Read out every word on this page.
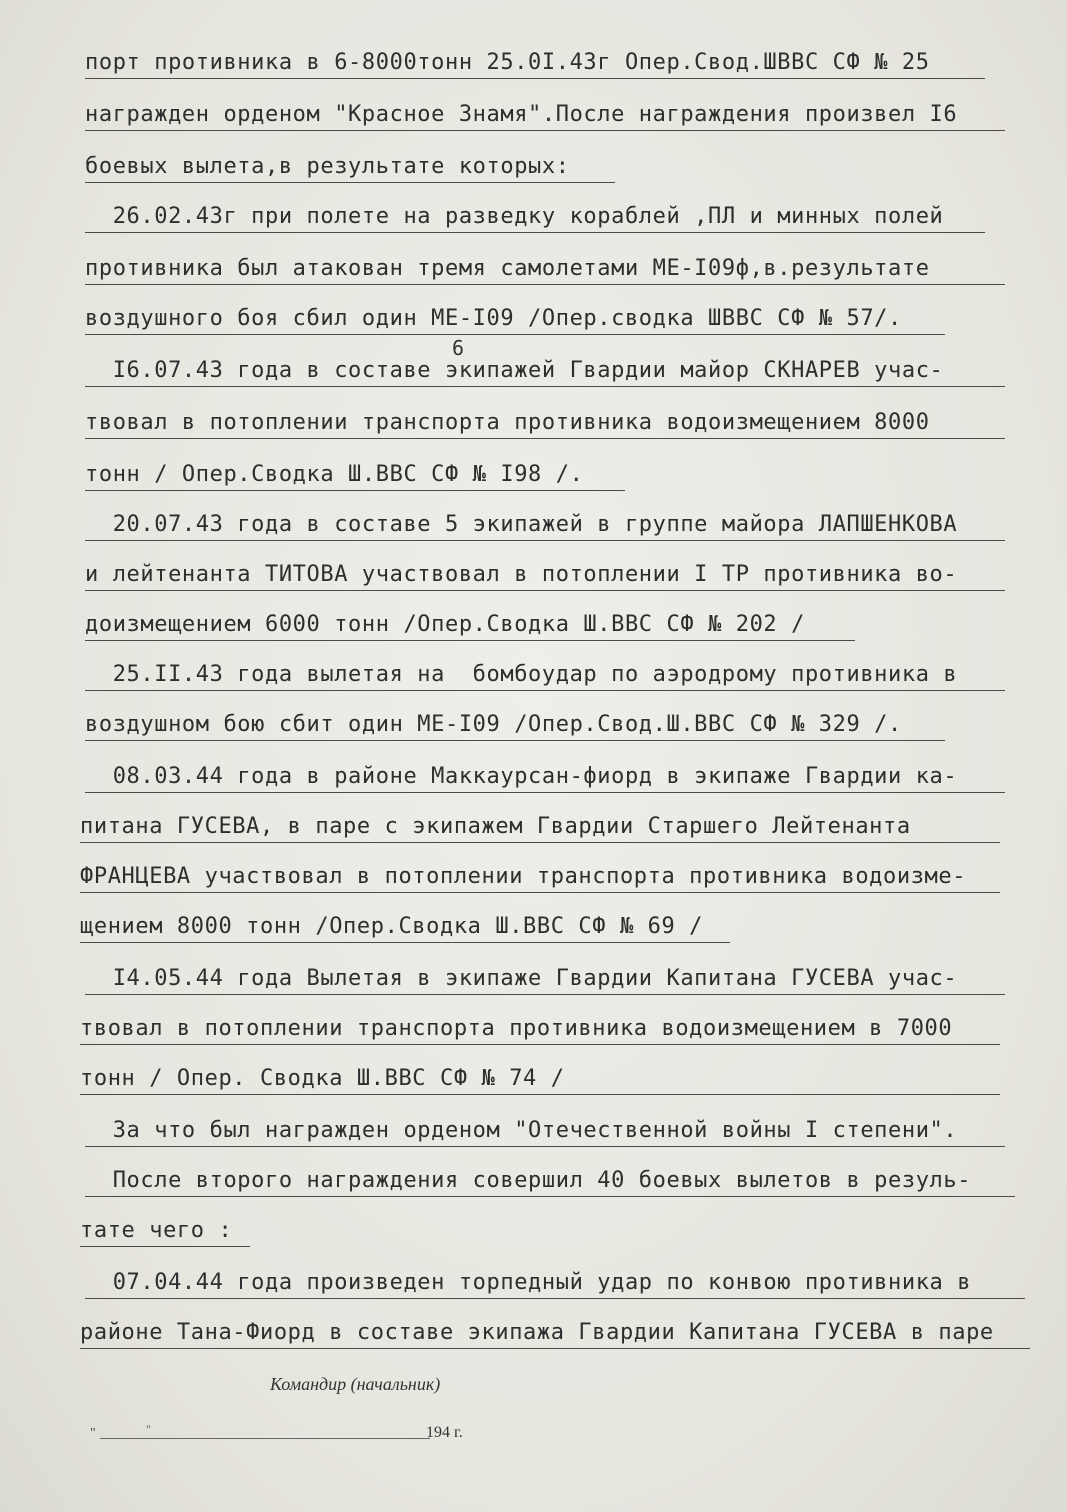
порт противника в 6-8000тонн 25.0I.43г Опер.Свод.ШВВС СФ № 25
награжден орденом "Красное Знамя".После награждения произвел I6
боевых вылета,в результате которых:
26.02.43г при полете на разведку кораблей ,ПЛ и минных полей
противника был атакован тремя самолетами МЕ-I09ф,в.результате
воздушного боя сбил один МЕ-I09 /Опер.сводка ШВВС СФ № 57/.
I6.07.43 года в составе экипажей Гвардии майор СКНАРЕВ учас-
твовал в потоплении транспорта противника водоизмещением 8000
тонн / Опер.Сводка Ш.ВВС СФ № I98 /.
20.07.43 года в составе 5 экипажей в группе майора ЛАПШЕНКОВА
и лейтенанта ТИТОВА участвовал в потоплении I ТР противника во-
доизмещением 6000 тонн /Опер.Сводка Ш.ВВС СФ № 202 /
25.II.43 года вылетая на  бомбоудар по аэродрому противника в
воздушном бою сбит один МЕ-I09 /Опер.Свод.Ш.ВВС СФ № 329 /.
08.03.44 года в районе Маккаурсан-фиорд в экипаже Гвардии ка-
питана ГУСЕВА, в паре с экипажем Гвардии Старшего Лейтенанта
ФРАНЦЕВА участвовал в потоплении транспорта противника водоизме-
щением 8000 тонн /Опер.Сводка Ш.ВВС СФ № 69 /
I4.05.44 года Вылетая в экипаже Гвардии Капитана ГУСЕВА учас-
твовал в потоплении транспорта противника водоизмещением в 7000
тонн / Опер. Сводка Ш.ВВС СФ № 74 /
За что был награжден орденом "Отечественной войны I степени".
После второго награждения совершил 40 боевых вылетов в резуль-
тате чего :
07.04.44 года произведен торпедный удар по конвою противника в
районе Тана-Фиорд в составе экипажа Гвардии Капитана ГУСЕВА в паре
6
Командир (начальник)
"	"	194 г.
